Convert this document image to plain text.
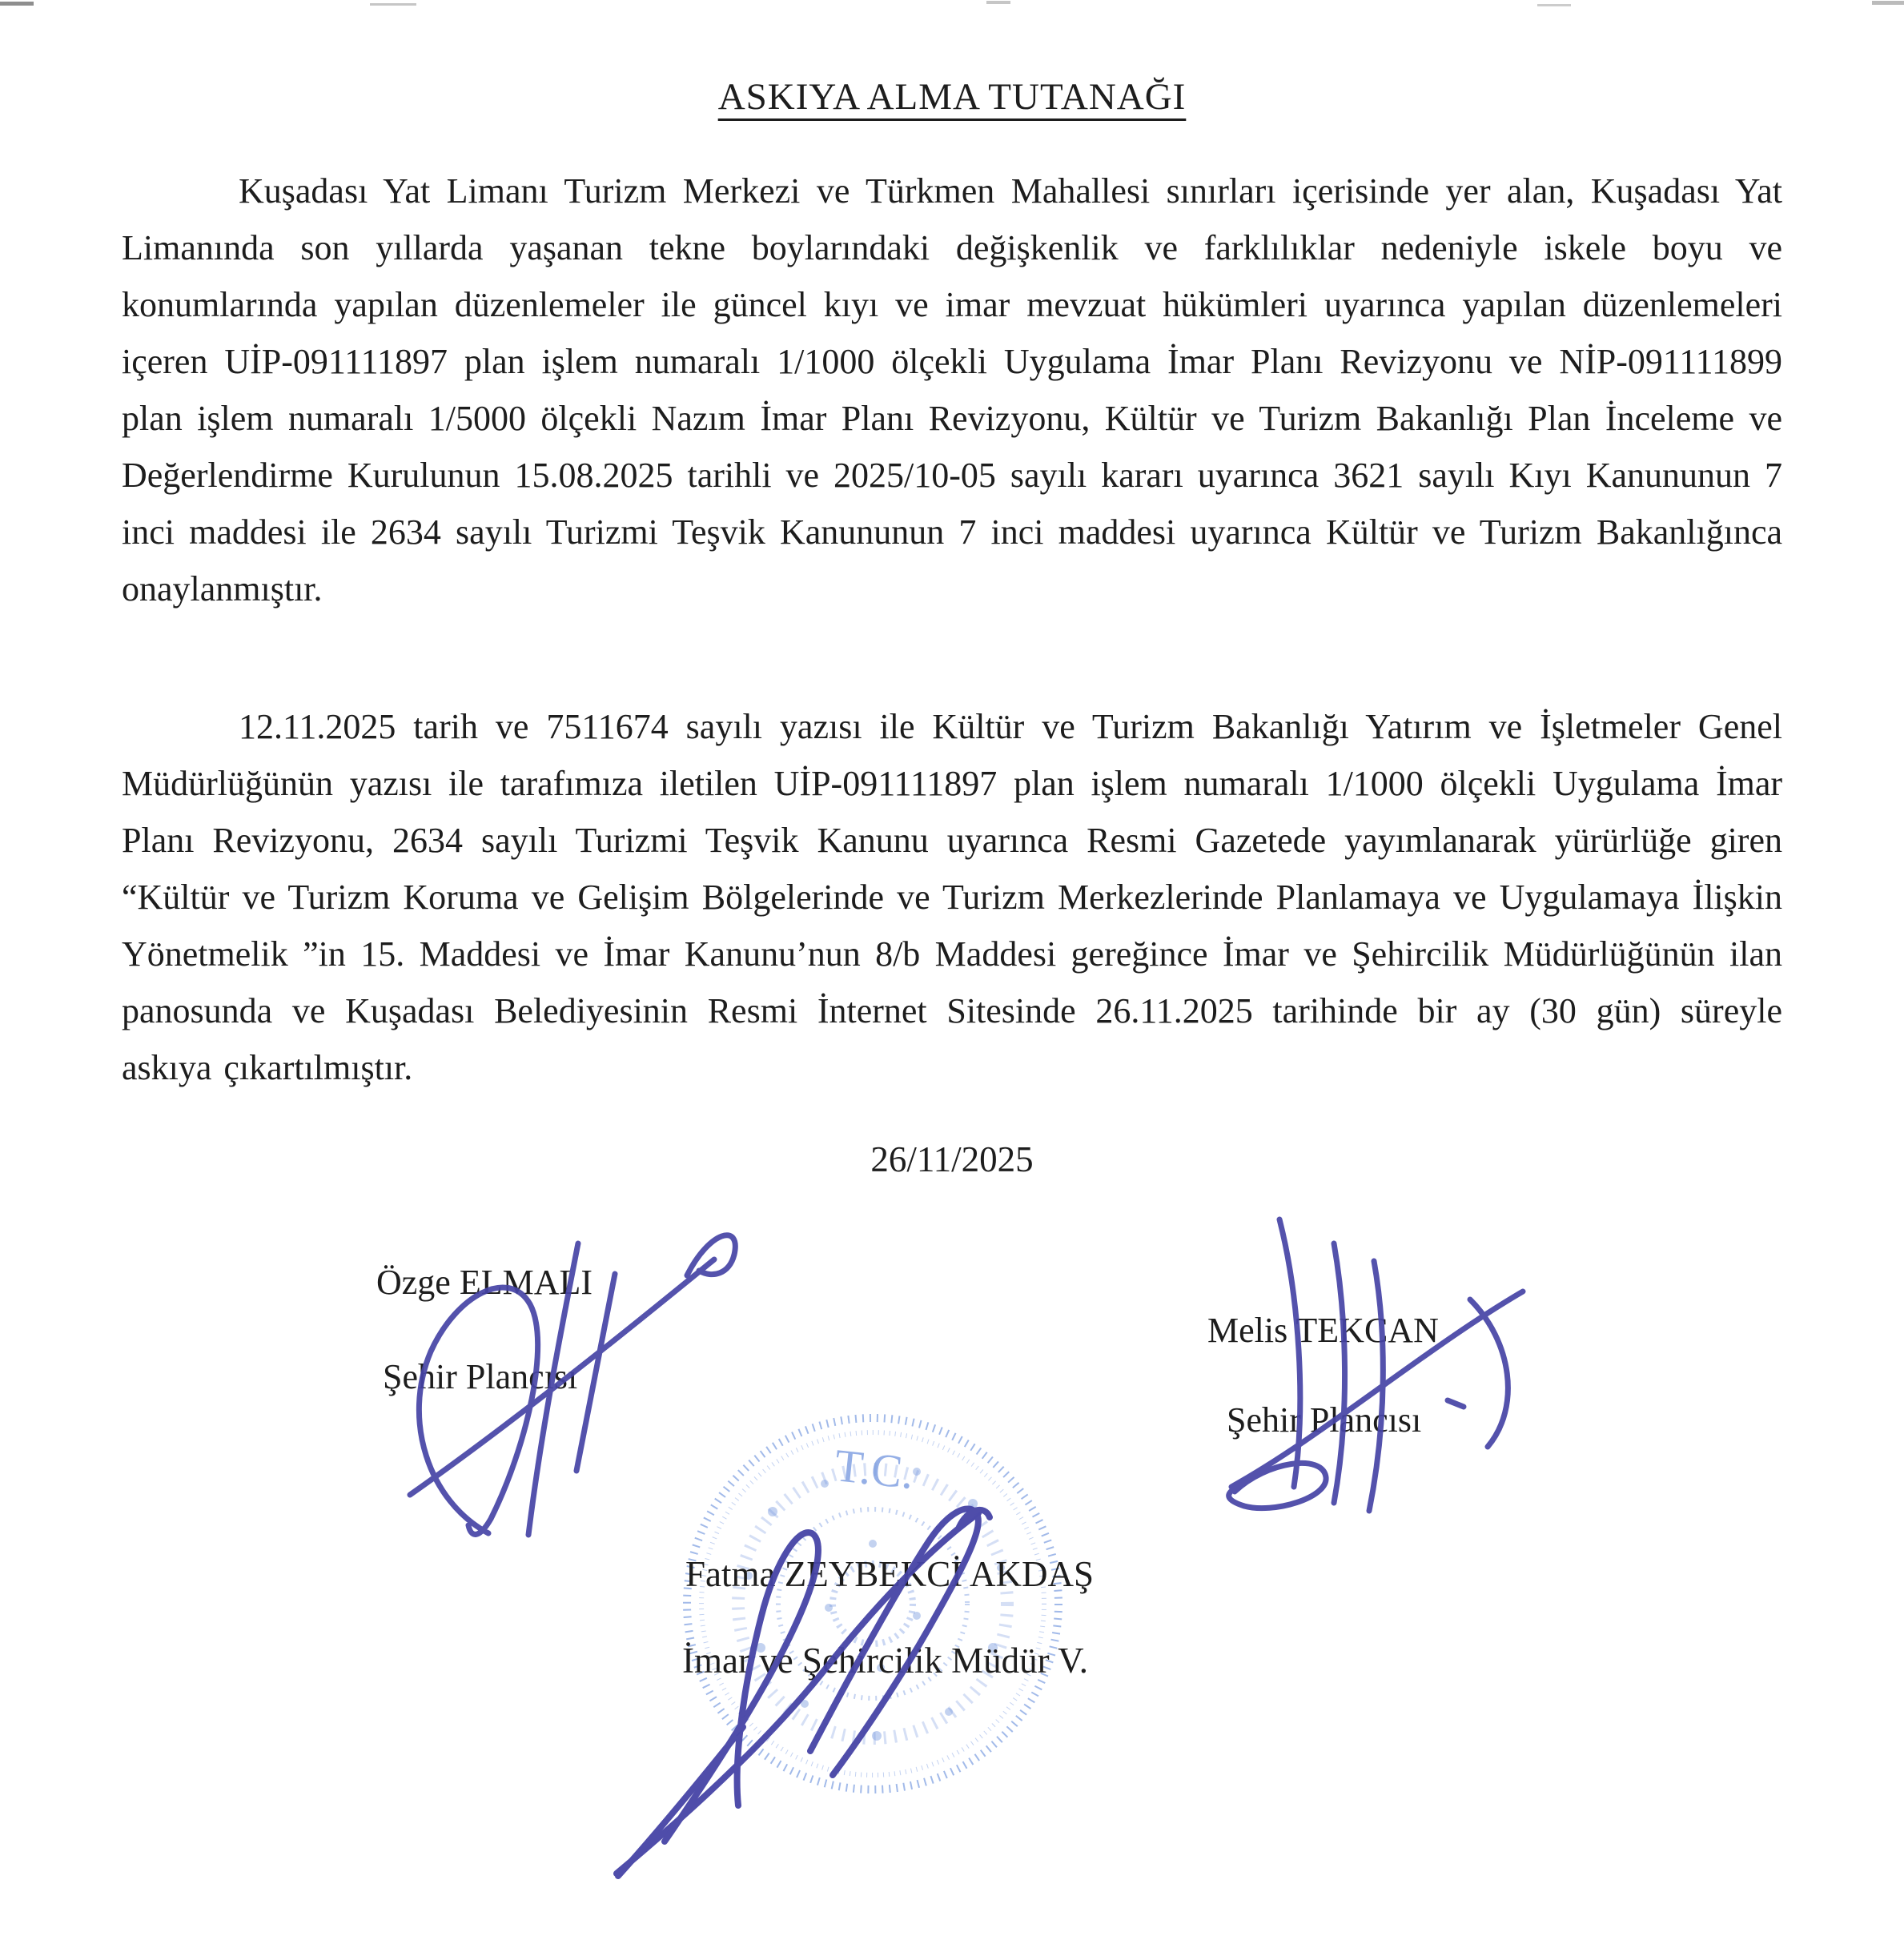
ASKIYA ALMA TUTANAĞI
Kuşadası Yat Limanı Turizm Merkezi ve Türkmen Mahallesi sınırları içerisinde yer alan, Kuşadası Yat Limanında son yıllarda yaşanan tekne boylarındaki değişkenlik ve farklılıklar nedeniyle iskele boyu ve konumlarında yapılan düzenlemeler ile güncel kıyı ve imar mevzuat hükümleri uyarınca yapılan düzenlemeleri içeren UİP-091111897 plan işlem numaralı 1/1000 ölçekli Uygulama İmar Planı Revizyonu ve NİP-091111899 plan işlem numaralı 1/5000 ölçekli Nazım İmar Planı Revizyonu, Kültür ve Turizm Bakanlığı Plan İnceleme ve Değerlendirme Kurulunun 15.08.2025 tarihli ve 2025/10-05 sayılı kararı uyarınca 3621 sayılı Kıyı Kanununun 7 inci maddesi ile 2634 sayılı Turizmi Teşvik Kanununun 7 inci maddesi uyarınca Kültür ve Turizm Bakanlığınca onaylanmıştır.
12.11.2025 tarih ve 7511674 sayılı yazısı ile Kültür ve Turizm Bakanlığı Yatırım ve İşletmeler Genel Müdürlüğünün yazısı ile tarafımıza iletilen UİP-091111897 plan işlem numaralı 1/1000 ölçekli Uygulama İmar Planı Revizyonu, 2634 sayılı Turizmi Teşvik Kanunu uyarınca Resmi Gazetede yayımlanarak yürürlüğe giren “Kültür ve Turizm Koruma ve Gelişim Bölgelerinde ve Turizm Merkezlerinde Planlamaya ve Uygulamaya İlişkin Yönetmelik ”in 15. Maddesi ve İmar Kanunu’nun 8/b Maddesi gereğince İmar ve Şehircilik Müdürlüğünün ilan panosunda ve Kuşadası Belediyesinin Resmi İnternet Sitesinde 26.11.2025 tarihinde bir ay (30 gün) süreyle askıya çıkartılmıştır.
26/11/2025
Özge ELMALI
Şehir Plancısı
Melis TEKCAN
Şehir Plancısı
T.C.
Fatma ZEYBEKCİ AKDAŞ
İmar ve Şehircilik Müdür V.
